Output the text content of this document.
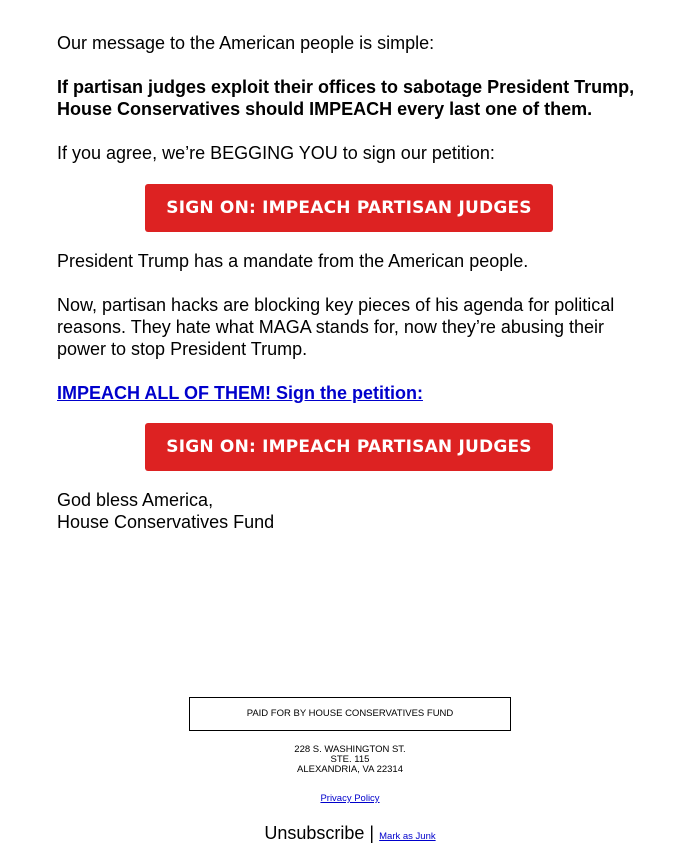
Our message to the American people is simple:

If partisan judges exploit their offices to sabotage President Trump, House Conservatives should IMPEACH every last one of them.

If you agree, we’re BEGGING YOU to sign our petition:

SIGN ON: IMPEACH PARTISAN JUDGES

President Trump has a mandate from the American people.

Now, partisan hacks are blocking key pieces of his agenda for political reasons. They hate what MAGA stands for, now they’re abusing their power to stop President Trump.

IMPEACH ALL OF THEM! Sign the petition:
SIGN ON: IMPEACH PARTISAN JUDGES

God bless America,

House Conservatives Fund

PAID FOR BY HOUSE CONSERVATIVES FUND
228 S. WASHINGTON ST.
STE. 115
ALEXANDRIA, VA 22314
Privacy Policy
Unsubscribe | Mark as Junk
